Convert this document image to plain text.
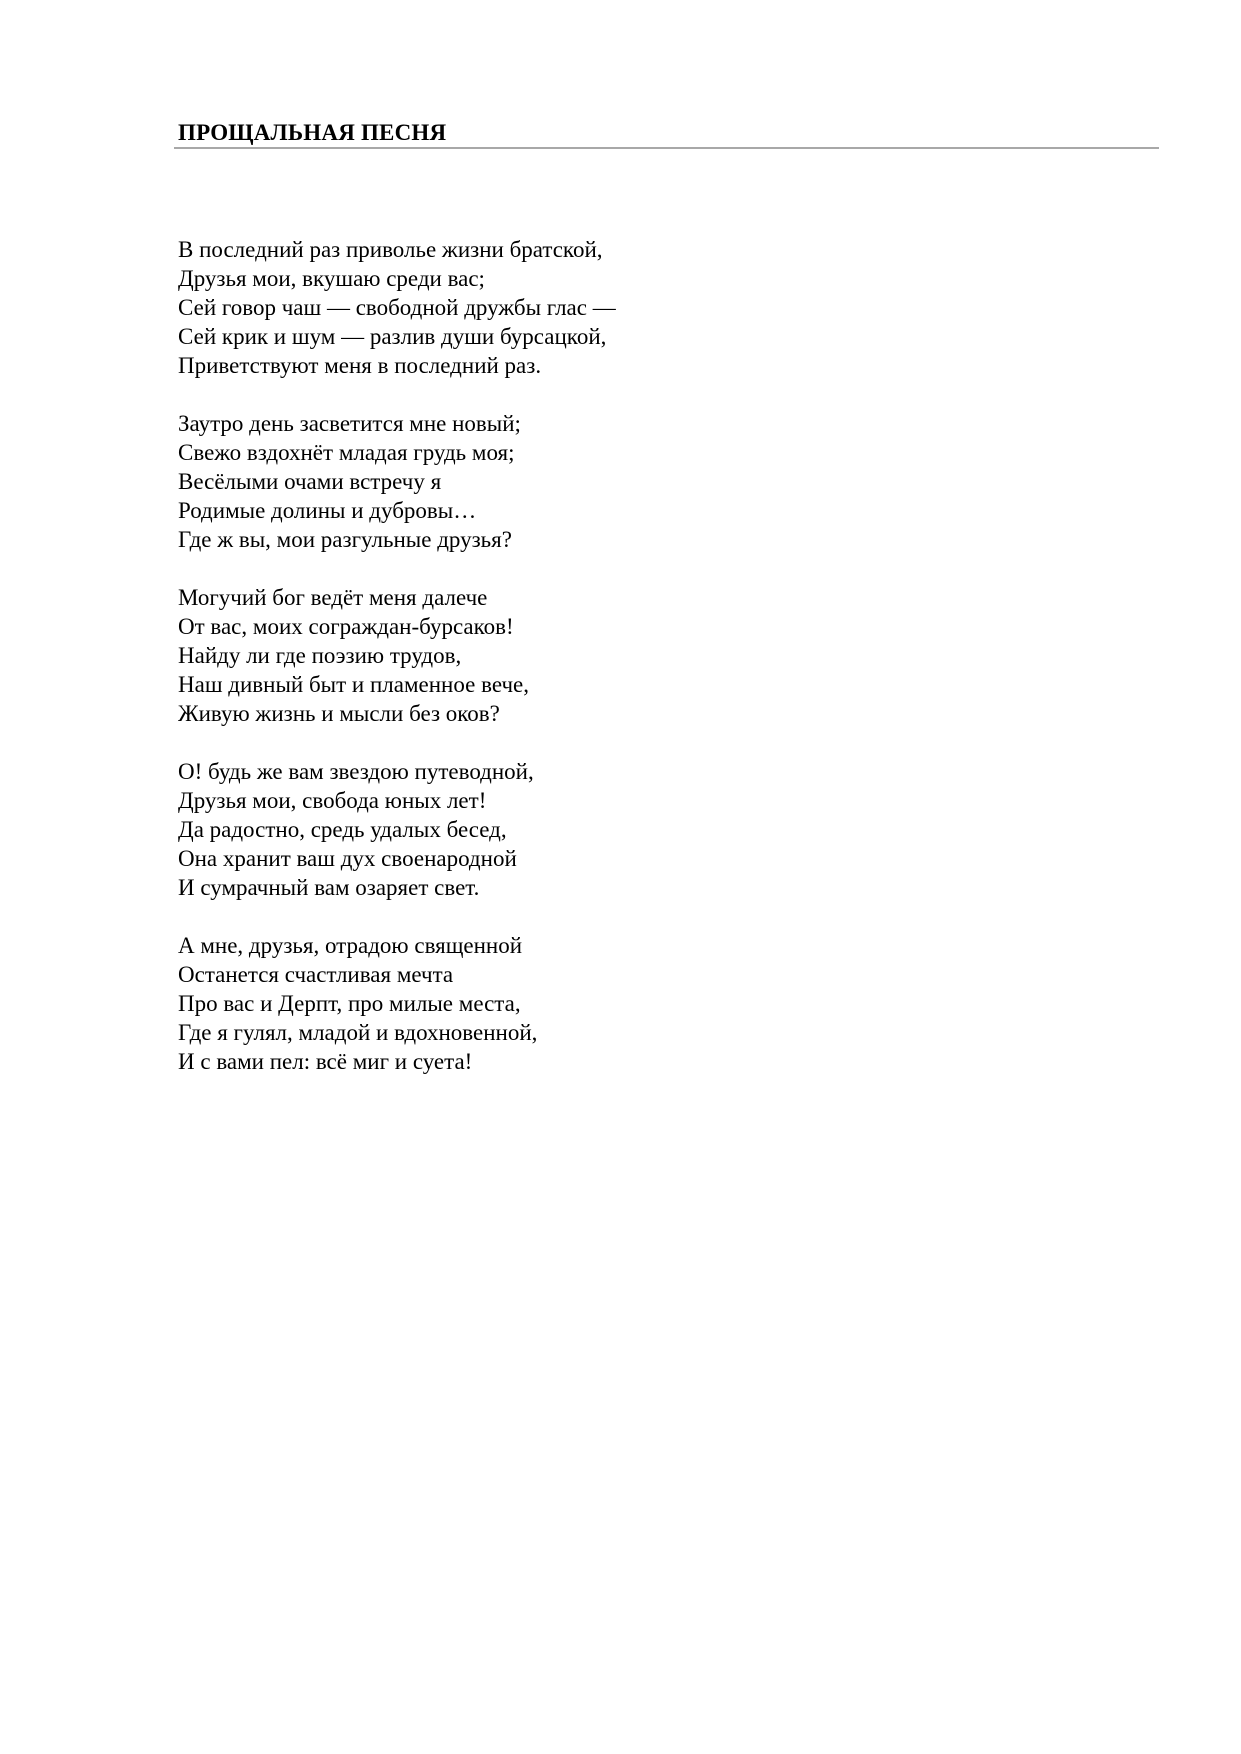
ПРОЩАЛЬНАЯ ПЕСНЯ
В последний раз приволье жизни братской,
Друзья мои, вкушаю среди вас;
Сей говор чаш — свободной дружбы глас —
Сей крик и шум — разлив души бурсацкой,
Приветствуют меня в последний раз.
Заутро день засветится мне новый;
Свежо вздохнёт младая грудь моя;
Весёлыми очами встречу я
Родимые долины и дубровы…
Где ж вы, мои разгульные друзья?
Могучий бог ведёт меня далече
От вас, моих сограждан-бурсаков!
Найду ли где поэзию трудов,
Наш дивный быт и пламенное вече,
Живую жизнь и мысли без оков?
О! будь же вам звездою путеводной,
Друзья мои, свобода юных лет!
Да радостно, средь удалых бесед,
Она хранит ваш дух своенародной
И сумрачный вам озаряет свет.
А мне, друзья, отрадою священной
Останется счастливая мечта
Про вас и Дерпт, про милые места,
Где я гулял, младой и вдохновенной,
И с вами пел: всё миг и суета!
